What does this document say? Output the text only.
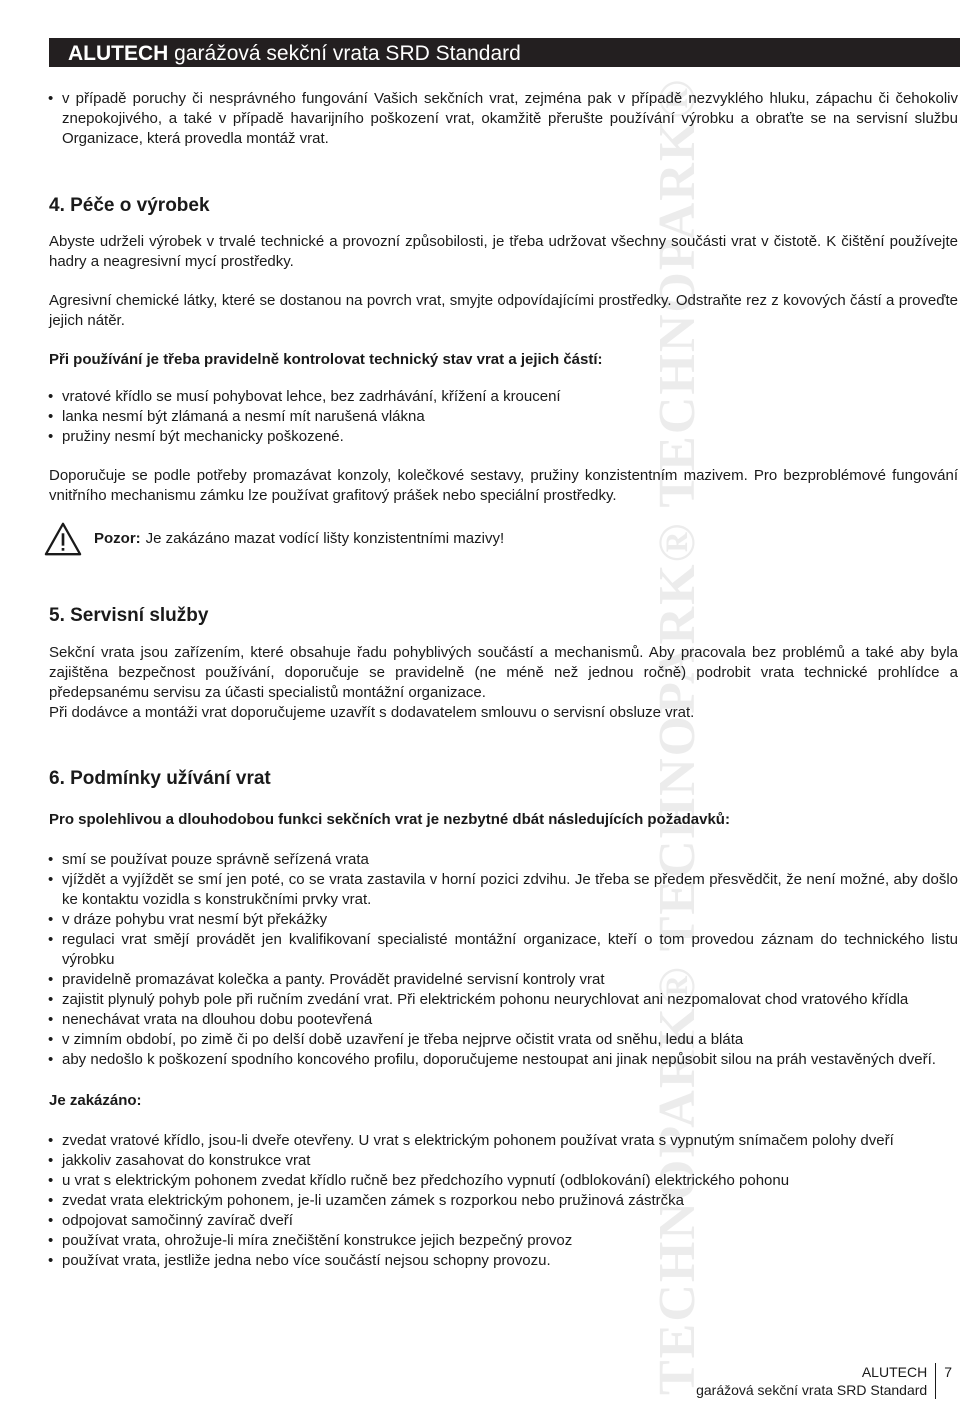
ALUTECH garážová sekční vrata SRD Standard
TECHNOPARK® TECHNOPARK® TECHNOPARK®
• v případě poruchy či nesprávného fungování Vašich sekčních vrat, zejména pak v případě nezvyklého hluku, zápachu či čehokoliv znepokojivého, a také v případě havarijního poškození vrat, okamžitě přerušte používání výrobku a obraťte se na servisní službu Organizace, která provedla montáž vrat.
4. Péče o výrobek

Abyste udrželi výrobek v trvalé technické a provozní způsobilosti, je třeba udržovat všechny součásti vrat v čistotě. K čištění používejte hadry a neagresivní mycí prostředky.

Agresivní chemické látky, které se dostanou na povrch vrat, smyjte odpovídajícími prostředky. Odstraňte rez z kovových částí a proveďte jejich nátěr.

Při používání je třeba pravidelně kontrolovat technický stav vrat a jejich částí:

• vratové křídlo se musí pohybovat lehce, bez zadrhávání, křížení a kroucení
• lanka nesmí být zlámaná a nesmí mít narušená vlákna
• pružiny nesmí být mechanicky poškozené.

Doporučuje se podle potřeby promazávat konzoly, kolečkové sestavy, pružiny konzistentním mazivem. Pro bezproblémové fungování vnitřního mechanismu zámku lze používat grafitový prášek nebo speciální prostředky.

Pozor: Je zakázáno mazat vodící lišty konzistentními mazivy!
5. Servisní služby

Sekční vrata jsou zařízením, které obsahuje řadu pohyblivých součástí a mechanismů. Aby pracovala bez problémů a také aby byla zajištěna bezpečnost používání, doporučuje se pravidelně (ne méně než jednou ročně) podrobit vrata technické prohlídce a předepsanému servisu za účasti specialistů montážní organizace.

Při dodávce a montáži vrat doporučujeme uzavřít s dodavatelem smlouvu o servisní obsluze vrat.

6. Podmínky užívání vrat

Pro spolehlivou a dlouhodobou funkci sekčních vrat je nezbytné dbát následujících požadavků:

• smí se používat pouze správně seřízená vrata
• vjíždět a vyjíždět se smí jen poté, co se vrata zastavila v horní pozici zdvihu. Je třeba se předem přesvědčit, že není možné, aby došlo ke kontaktu vozidla s konstrukčními prvky vrat.
• v dráze pohybu vrat nesmí být překážky
• regulaci vrat smějí provádět jen kvalifikovaní specialisté montážní organizace, kteří o tom provedou záznam do technického listu výrobku
• pravidelně promazávat kolečka a panty. Provádět pravidelné servisní kontroly vrat
• zajistit plynulý pohyb pole při ručním zvedání vrat. Při elektrickém pohonu neurychlovat ani nezpomalovat chod vratového křídla
• nenechávat vrata na dlouhou dobu pootevřená
• v zimním období, po zimě či po delší době uzavření je třeba nejprve očistit vrata od sněhu, ledu a bláta
• aby nedošlo k poškození spodního koncového profilu, doporučujeme nestoupat ani jinak nepůsobit silou na práh vestavěných dveří.

Je zakázáno:

• zvedat vratové křídlo, jsou-li dveře otevřeny. U vrat s elektrickým pohonem používat vrata s vypnutým snímačem polohy dveří
• jakkoliv zasahovat do konstrukce vrat
• u vrat s elektrickým pohonem zvedat křídlo ručně bez předchozího vypnutí (odblokování) elektrického pohonu
• zvedat vrata elektrickým pohonem, je-li uzamčen zámek s rozporkou nebo pružinová zástrčka
• odpojovat samočinný zavírač dveří
• používat vrata, ohrožuje-li míra znečištění konstrukce jejich bezpečný provoz
• používat vrata, jestliže jedna nebo více součástí nejsou schopny provozu.
ALUTECH
garážová sekční vrata SRD Standard
7
